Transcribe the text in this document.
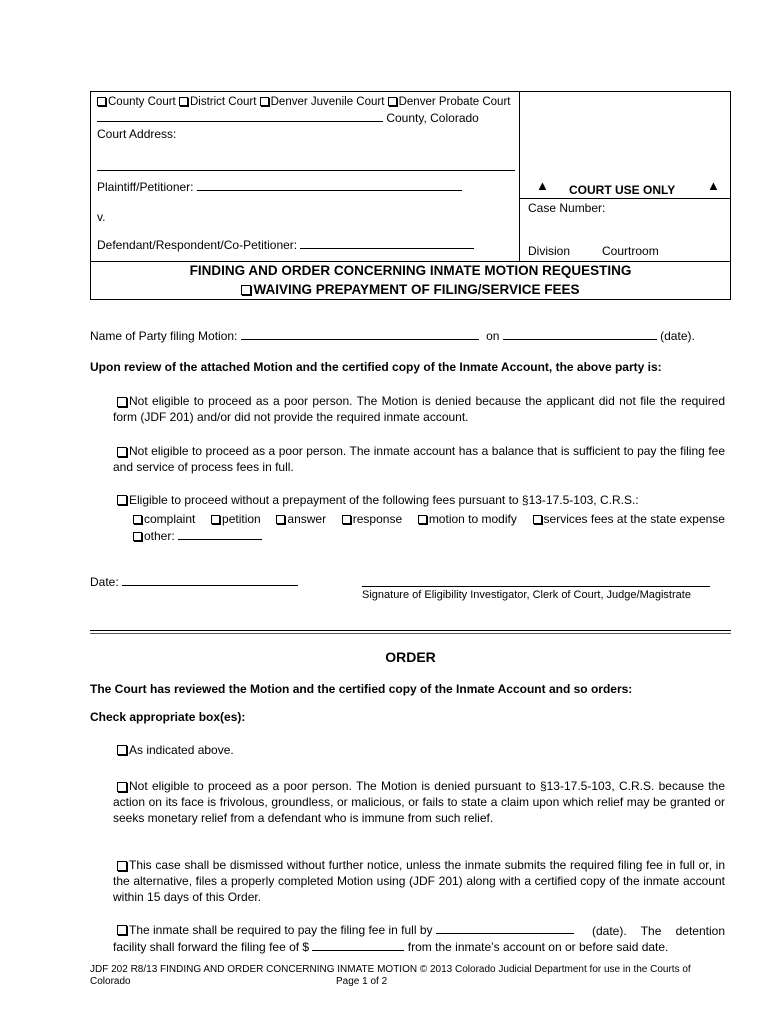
County Court District Court Denver Juvenile Court Denver Probate Court
County, Colorado
Court Address:
Plaintiff/Petitioner:
v.
Defendant/Respondent/Co-Petitioner:
▲ COURT USE ONLY ▲
Case Number:
Division	Courtroom
FINDING AND ORDER CONCERNING INMATE MOTION REQUESTING
WAIVING PREPAYMENT OF FILING/SERVICE FEES
Name of Party filing Motion:	on	(date).
Upon review of the attached Motion and the certified copy of the Inmate Account, the above party is:
Not eligible to proceed as a poor person. The Motion is denied because the applicant did not file the required form (JDF 201) and/or did not provide the required inmate account.
Not eligible to proceed as a poor person. The inmate account has a balance that is sufficient to pay the filing fee and service of process fees in full.
Eligible to proceed without a prepayment of the following fees pursuant to §13-17.5-103, C.R.S.:
complaint	petition	answer	response	motion to modify	services fees at the state expense
other:
Date:
Signature of Eligibility Investigator, Clerk of Court, Judge/Magistrate
ORDER
The Court has reviewed the Motion and the certified copy of the Inmate Account and so orders:
Check appropriate box(es):
As indicated above.
Not eligible to proceed as a poor person. The Motion is denied pursuant to §13-17.5-103, C.R.S. because the action on its face is frivolous, groundless, or malicious, or fails to state a claim upon which relief may be granted or seeks monetary relief from a defendant who is immune from such relief.
This case shall be dismissed without further notice, unless the inmate submits the required filing fee in full or, in the alternative, files a properly completed Motion using (JDF 201) along with a certified copy of the inmate account within 15 days of this Order.
The inmate shall be required to pay the filing fee in full by	(date). The detention facility shall forward the filing fee of $	from the inmate’s account on or before said date.
JDF 202 R8/13 FINDING AND ORDER CONCERNING INMATE MOTION © 2013 Colorado Judicial Department for use in the Courts of
Colorado	Page 1 of 2
